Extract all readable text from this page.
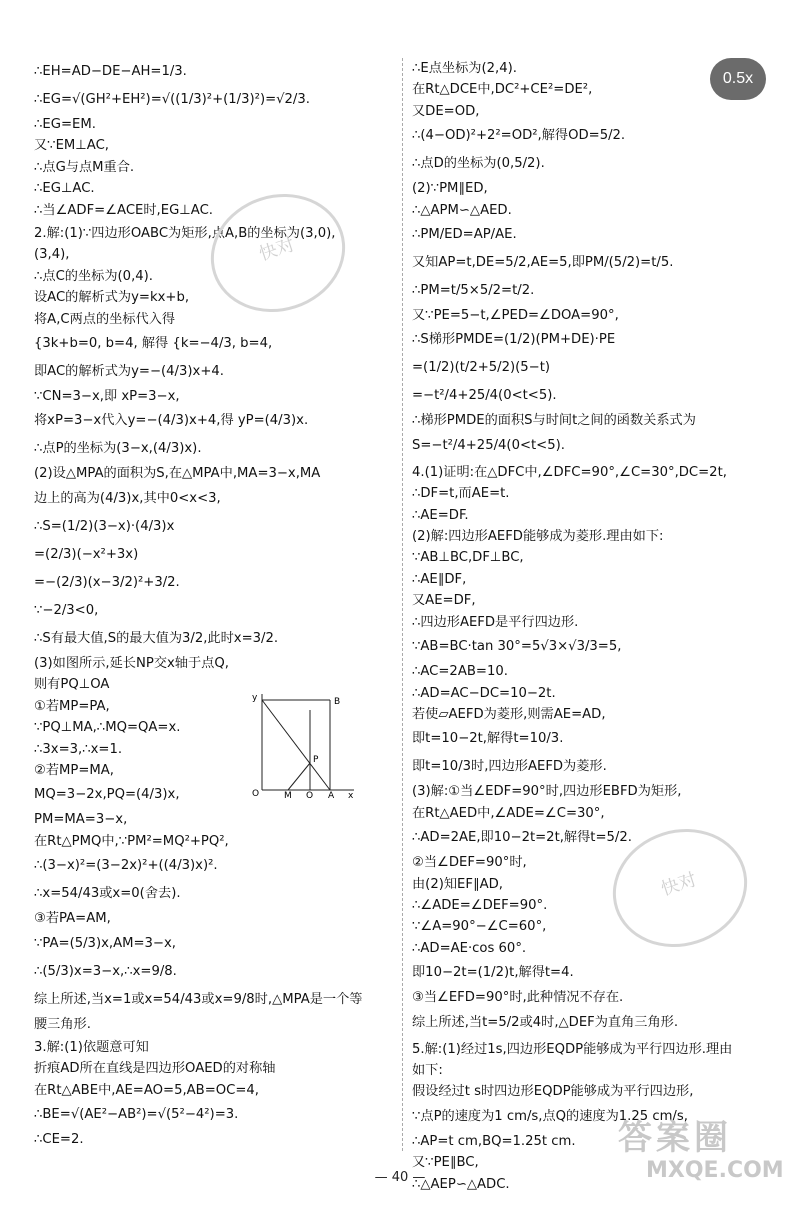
0.5x
∴EH=AD−DE−AH=1/3.
∴EG=√(GH²+EH²)=√((1/3)²+(1/3)²)=√2/3.
∴EG=EM.
又∵EM⊥AC,
∴点G与点M重合.
∴EG⊥AC.
∴当∠ADF=∠ACE时,EG⊥AC.
2.解:(1)∵四边形OABC为矩形,点A,B的坐标为(3,0),
(3,4),
∴点C的坐标为(0,4).
设AC的解析式为y=kx+b,
将A,C两点的坐标代入得
{3k+b=0, b=4, 解得 {k=−4/3, b=4,
即AC的解析式为y=−(4/3)x+4.
∵CN=3−x,即 xP=3−x,
将xP=3−x代入y=−(4/3)x+4,得 yP=(4/3)x.
∴点P的坐标为(3−x,(4/3)x).
(2)设△MPA的面积为S,在△MPA中,MA=3−x,MA
边上的高为(4/3)x,其中0<x<3,
∴S=(1/2)(3−x)·(4/3)x
=(2/3)(−x²+3x)
=−(2/3)(x−3/2)²+3/2.
∵−2/3<0,
∴S有最大值,S的最大值为3/2,此时x=3/2.
(3)如图所示,延长NP交x轴于点Q,
则有PQ⊥OA
①若MP=PA,
∵PQ⊥MA,∴MQ=QA=x.
∴3x=3,∴x=1.
②若MP=MA,
MQ=3−2x,PQ=(4/3)x,
PM=MA=3−x,
在Rt△PMQ中,∵PM²=MQ²+PQ²,
∴(3−x)²=(3−2x)²+((4/3)x)².
∴x=54/43或x=0(舍去).
③若PA=AM,
∵PA=(5/3)x,AM=3−x,
∴(5/3)x=3−x,∴x=9/8.
综上所述,当x=1或x=54/43或x=9/8时,△MPA是一个等
腰三角形.
3.解:(1)依题意可知
折痕AD所在直线是四边形OAED的对称轴
在Rt△ABE中,AE=AO=5,AB=OC=4,
∴BE=√(AE²−AB²)=√(5²−4²)=3.
∴CE=2.
∴E点坐标为(2,4).
在Rt△DCE中,DC²+CE²=DE²,
又DE=OD,
∴(4−OD)²+2²=OD²,解得OD=5/2.
∴点D的坐标为(0,5/2).
(2)∵PM∥ED,
∴△APM∽△AED.
∴PM/ED=AP/AE.
又知AP=t,DE=5/2,AE=5,即PM/(5/2)=t/5.
∴PM=t/5×5/2=t/2.
又∵PE=5−t,∠PED=∠DOA=90°,
∴S梯形PMDE=(1/2)(PM+DE)·PE
=(1/2)(t/2+5/2)(5−t)
=−t²/4+25/4(0<t<5).
∴梯形PMDE的面积S与时间t之间的函数关系式为
S=−t²/4+25/4(0<t<5).
4.(1)证明:在△DFC中,∠DFC=90°,∠C=30°,DC=2t,
∴DF=t,而AE=t.
∴AE=DF.
(2)解:四边形AEFD能够成为菱形.理由如下:
∵AB⊥BC,DF⊥BC,
∴AE∥DF,
又AE=DF,
∴四边形AEFD是平行四边形.
∵AB=BC·tan 30°=5√3×√3/3=5,
∴AC=2AB=10.
∴AD=AC−DC=10−2t.
若使▱AEFD为菱形,则需AE=AD,
即t=10−2t,解得t=10/3.
即t=10/3时,四边形AEFD为菱形.
(3)解:①当∠EDF=90°时,四边形EBFD为矩形,
在Rt△AED中,∠ADE=∠C=30°,
∴AD=2AE,即10−2t=2t,解得t=5/2.
②当∠DEF=90°时,
由(2)知EF∥AD,
∴∠ADE=∠DEF=90°.
∵∠A=90°−∠C=60°,
∴AD=AE·cos 60°.
即10−2t=(1/2)t,解得t=4.
③当∠EFD=90°时,此种情况不存在.
综上所述,当t=5/2或4时,△DEF为直角三角形.
5.解:(1)经过1s,四边形EQDP能够成为平行四边形.理由
如下:
假设经过t s时四边形EQDP能够成为平行四边形,
∵点P的速度为1 cm/s,点Q的速度为1.25 cm/s,
∴AP=t cm,BQ=1.25t cm.
又∵PE∥BC,
∴△AEP∽△ADC.
B
P
O	M Q A x
y
快对
快对
答案圈
MXQE.COM
— 40 —
